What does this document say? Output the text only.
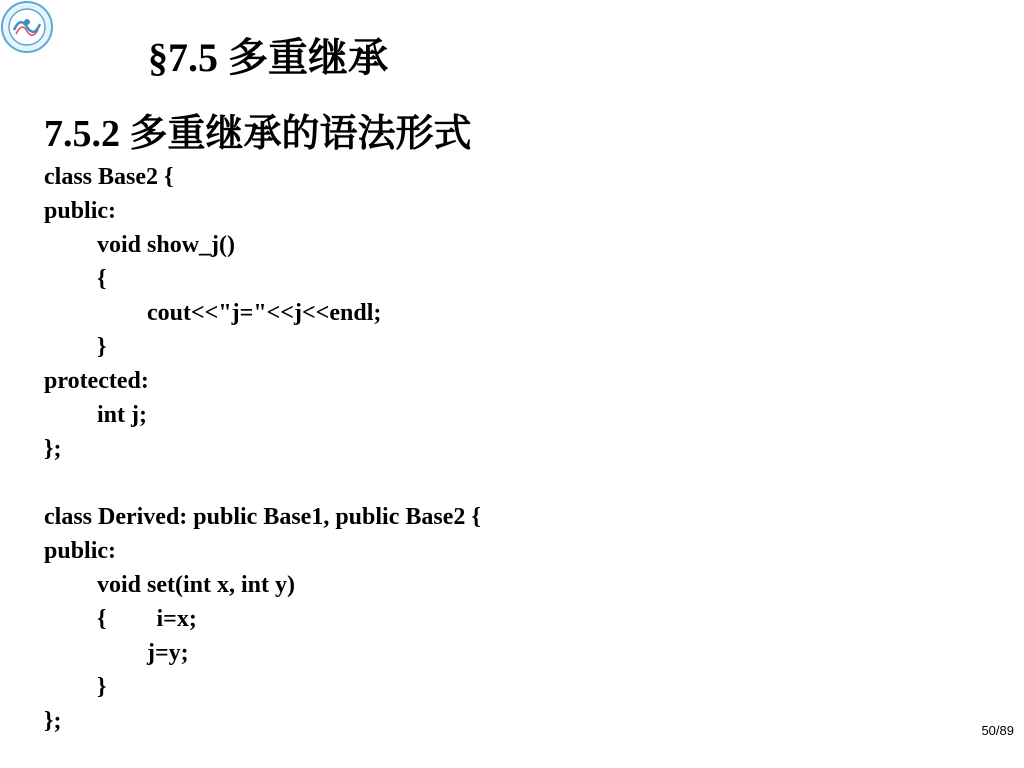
· · · · ·
§7.5 多重继承
7.5.2 多重继承的语法形式
class Base2 {
public:
void show_j()
{
cout<<"j="<<j<<endl;
}
protected:
int j;
};
class Derived: public Base1, public Base2 {
public:
void set(int x, int y)
{ i=x;
j=y;
}
};	50/89
